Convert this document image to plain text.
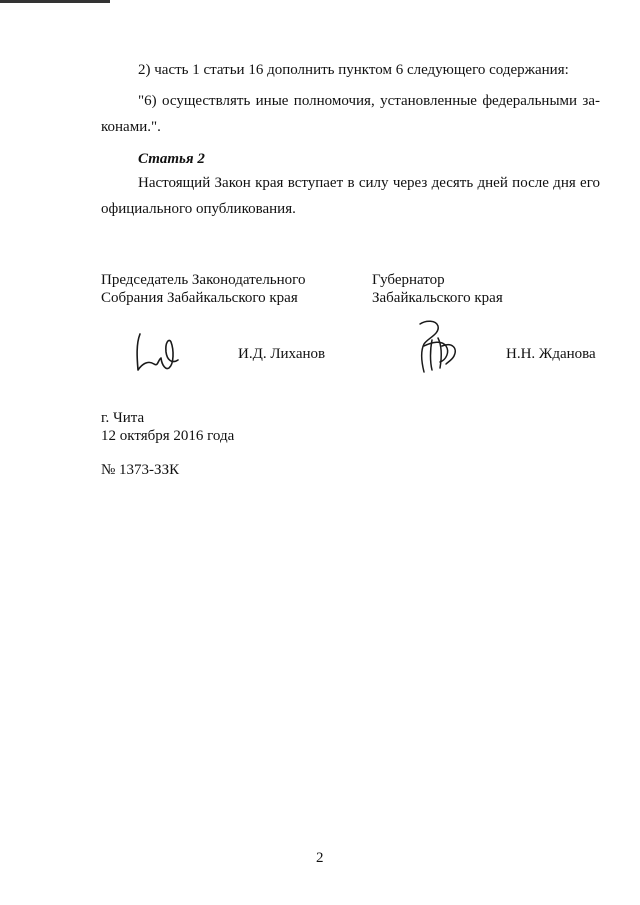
2) часть 1 статьи 16 дополнить пунктом 6 следующего содержания:
"6) осуществлять иные полномочия, установленные федеральными за-
конами.".
Статья 2
Настоящий Закон края вступает в силу через десять дней после дня его
официального опубликования.
Председатель Законодательного
Собрания Забайкальского края
Губернатор
Забайкальского края
И.Д. Лиханов	Н.Н. Жданова
г. Чита
12 октября 2016 года
№ 1373-ЗЗК
2
